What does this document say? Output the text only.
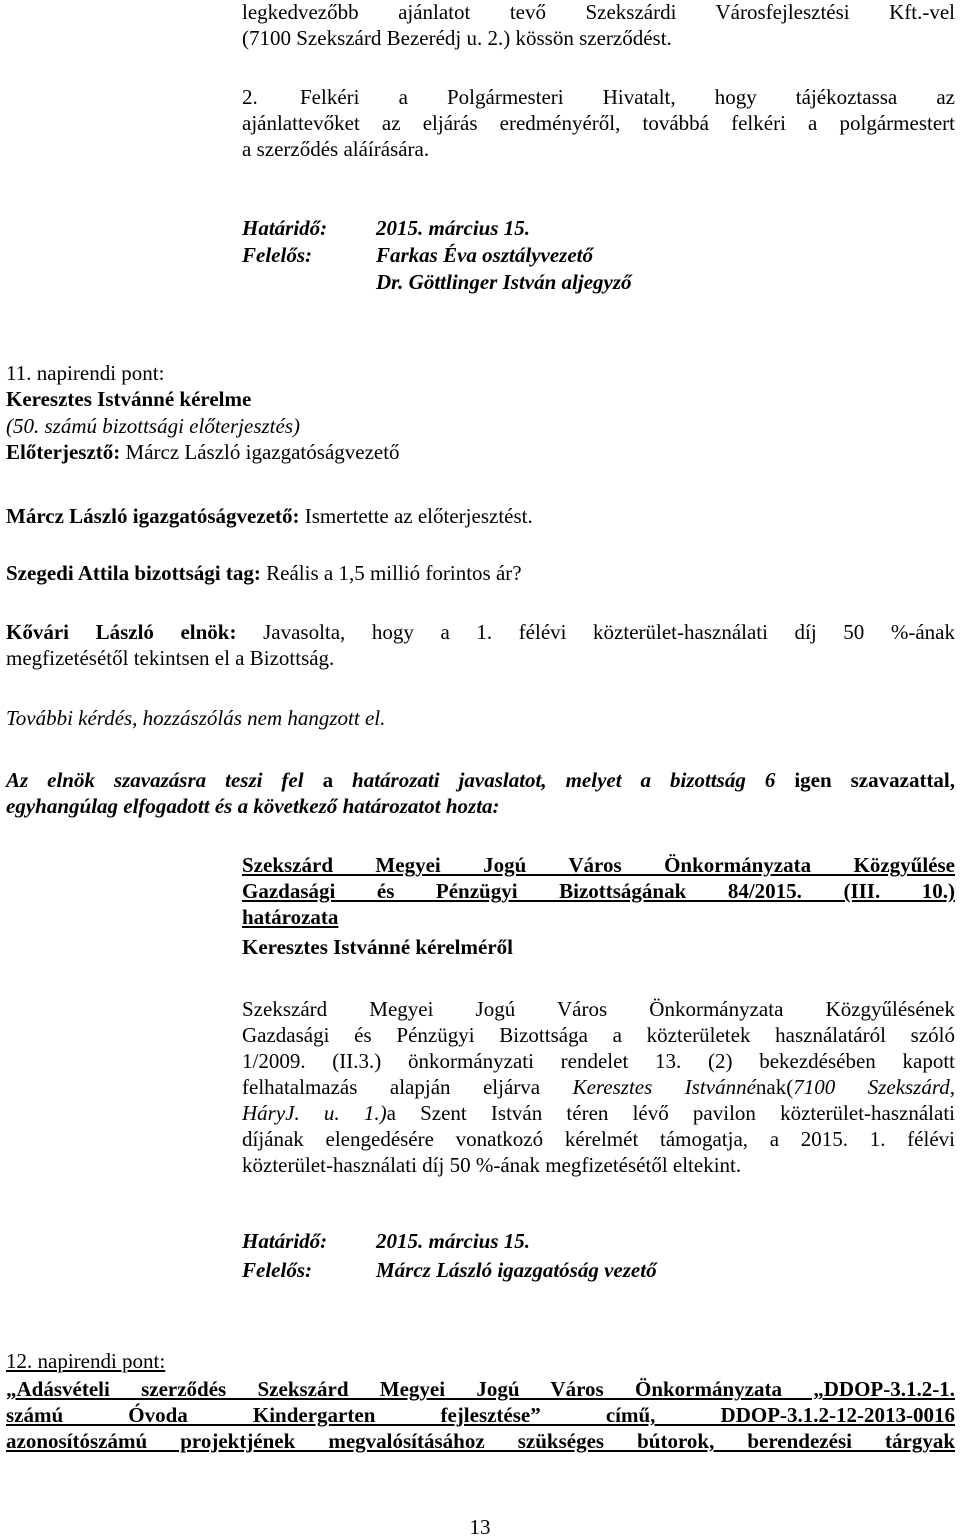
legkedvezőbb ajánlatot tevő Szekszárdi Városfejlesztési Kft.-vel
(7100 Szekszárd Bezerédj u. 2.) kössön szerződést.
2. Felkéri a Polgármesteri Hivatalt, hogy tájékoztassa az
ajánlattevőket az eljárás eredményéről, továbbá felkéri a polgármestert
a szerződés aláírására.
Határidő: 2015. március 15.
Felelős:	Farkas Éva osztályvezető
Dr. Göttlinger István aljegyző
11. napirendi pont:
Keresztes Istvánné kérelme
(50. számú bizottsági előterjesztés)
Előterjesztő: Márcz László igazgatóságvezető
Márcz László igazgatóságvezető: Ismertette az előterjesztést.
Szegedi Attila bizottsági tag: Reális a 1,5 millió forintos ár?
Kővári László elnök: Javasolta, hogy a 1. félévi közterület-használati díj 50 %-ának
megfizetésétől tekintsen el a Bizottság.
További kérdés, hozzászólás nem hangzott el.
Az elnök szavazásra teszi fel a határozati javaslatot, melyet a bizottság 6 igen szavazattal,
egyhangúlag elfogadott és a következő határozatot hozta:
Szekszárd Megyei Jogú Város Önkormányzata Közgyűlése
Gazdasági és Pénzügyi Bizottságának 84/2015. (III. 10.)
határozata
Keresztes Istvánné kérelméről
Szekszárd Megyei Jogú Város Önkormányzata Közgyűlésének
Gazdasági és Pénzügyi Bizottsága a közterületek használatáról szóló
1/2009. (II.3.) önkormányzati rendelet 13. (2) bekezdésében kapott
felhatalmazás alapján eljárva Keresztes Istvánnénak(7100 Szekszárd,
HáryJ. u. 1.)a Szent István téren lévő pavilon közterület-használati
díjának elengedésére vonatkozó kérelmét támogatja, a 2015. 1. félévi
közterület-használati díj 50 %-ának megfizetésétől eltekint.
Határidő: 2015. március 15.
Felelős:	Márcz László igazgatóság vezető
12. napirendi pont:
„Adásvételi szerződés Szekszárd Megyei Jogú Város Önkormányzata „DDOP-3.1.2-1.
számú Óvoda Kindergarten fejlesztése” című, DDOP-3.1.2-12-2013-0016
azonosítószámú projektjének megvalósításához szükséges bútorok, berendezési tárgyak
13
